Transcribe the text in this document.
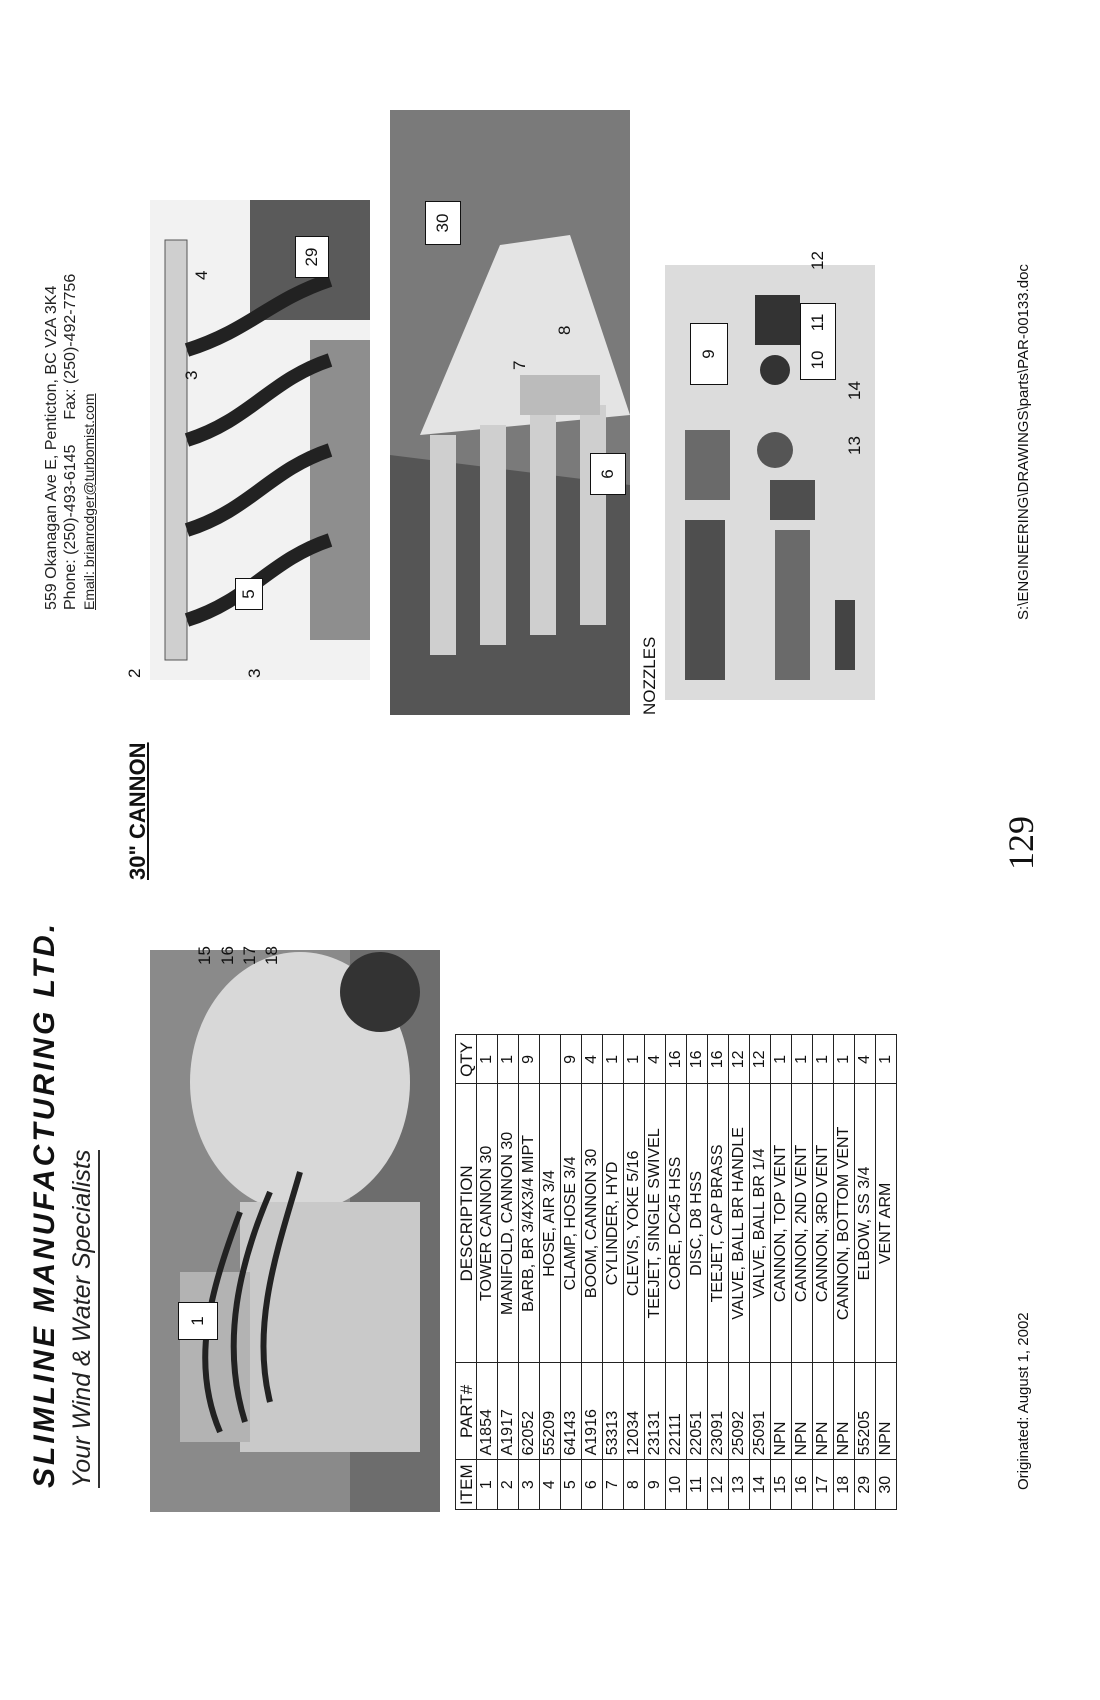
SLIMLINE MANUFACTURING LTD. Your Wind & Water Specialists
559 Okanagan Ave E, Penticton, BC V2A 3K4 Phone: (250)-493-6145  Fax: (250)-492-7756
Email: brianrodger@turbomist.com
30" CANNON
1
15 16 17 18
ITEM	PART#	DESCRIPTION	QTY
1	A1854	TOWER CANNON 30	1
2	A1917	MANIFOLD, CANNON 30	1
3	62052	BARB, BR 3/4X3/4 MIPT	9
4	55209	HOSE, AIR 3/4	
5	64143	CLAMP, HOSE 3/4	9
6	A1916	BOOM, CANNON 30	4
7	53313	CYLINDER, HYD	1
8	12034	CLEVIS, YOKE 5/16	1
9	23131	TEEJET, SINGLE SWIVEL	4
10	22111	CORE, DC45 HSS	16
11	22051	DISC, D8 HSS	16
12	23091	TEEJET, CAP BRASS	16
13	25092	VALVE, BALL BR HANDLE	12
14	25091	VALVE, BALL BR 1/4	12
15	NPN	CANNON, TOP VENT	1
16	NPN	CANNON, 2ND VENT	1
17	NPN	CANNON, 3RD VENT	1
18	NPN	CANNON, BOTTOM VENT	1
29	55205	ELBOW, SS 3/4	4
30	NPN	VENT ARM	1
2	3
5
3
4
29
6
7
8
30
NOZZLES
9	10
11
12
13
14
129
Originated: August 1, 2002
S:\ENGINEERING\DRAWINGS\parts\PAR-00133.doc
